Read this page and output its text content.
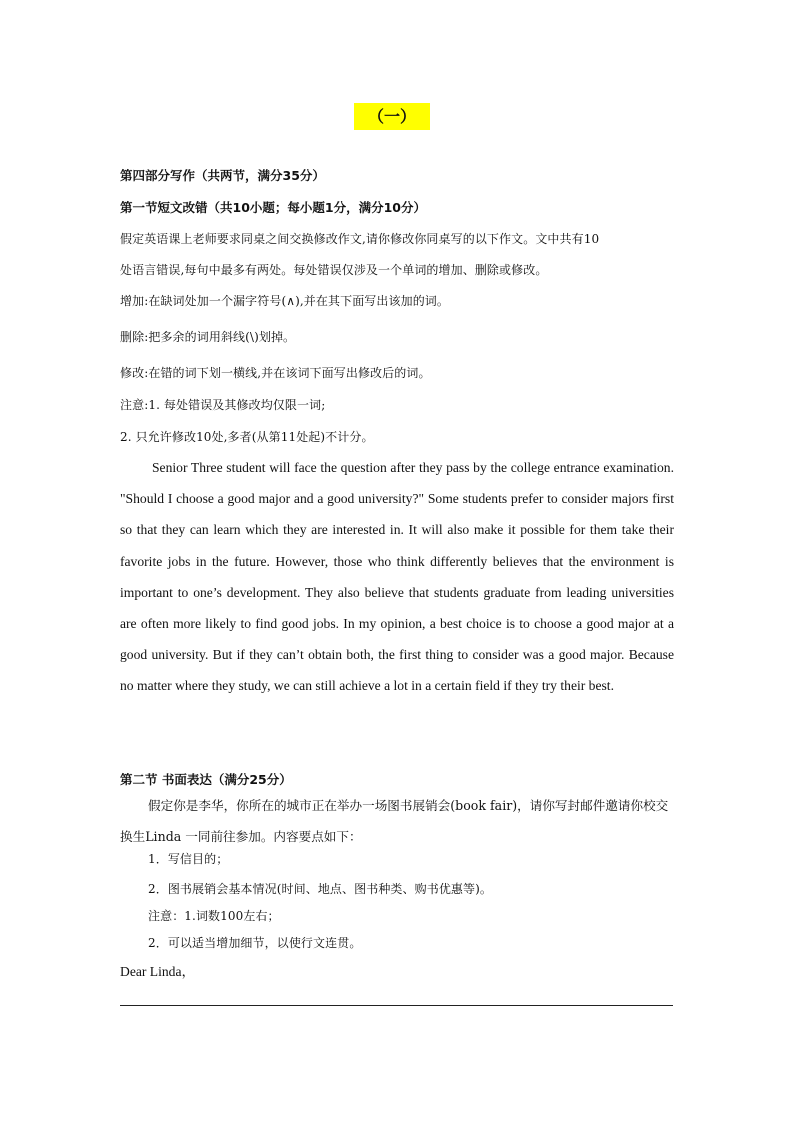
（一）
第四部分写作（共两节，满分35分）
第一节短文改错（共10小题；每小题1分，满分10分）
假定英语课上老师要求同桌之间交换修改作文,请你修改你同桌写的以下作文。文中共有10
处语言错误,每句中最多有两处。每处错误仅涉及一个单词的增加、删除或修改。
增加:在缺词处加一个漏字符号(∧),并在其下面写出该加的词。
删除:把多余的词用斜线(\)划掉。
修改:在错的词下划一横线,并在该词下面写出修改后的词。
注意:1. 每处错误及其修改均仅限一词;
2. 只允许修改10处,多者(从第11处起)不计分。
Senior Three student will face the question after they pass by the college entrance examination. "Should I choose a good major and a good university?" Some students prefer to consider majors first so that they can learn which they are interested in. It will also make it possible for them take their favorite jobs in the future. However, those who think differently believes that the environment is important to one’s development. They also believe that students graduate from leading universities are often more likely to find good jobs. In my opinion, a best choice is to choose a good major at a good university. But if they can’t obtain both, the first thing to consider was a good major. Because no matter where they study, we can still achieve a lot in a certain field if they try their best.
第二节 书面表达（满分25分）
假定你是李华，你所在的城市正在举办一场图书展销会(book fair)，请你写封邮件邀请你校交换生Linda 一同前往参加。内容要点如下：
1．写信目的；
2．图书展销会基本情况(时间、地点、图书种类、购书优惠等)。
注意：1.词数100左右；
2．可以适当增加细节，以使行文连贯。
Dear Linda，
